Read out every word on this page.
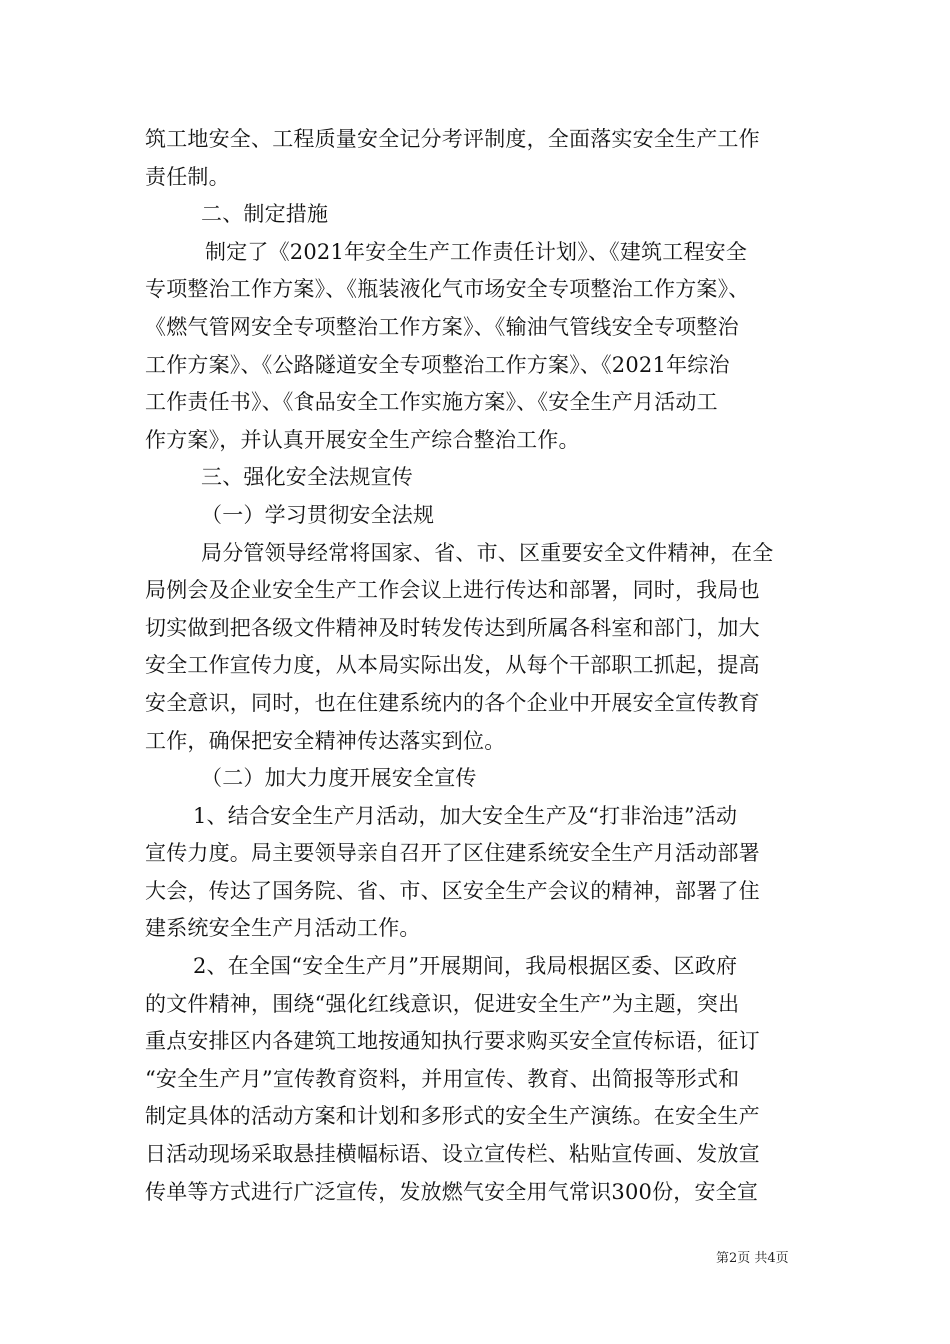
筑工地安全、工程质量安全记分考评制度，全面落实安全生产工作
责任制。
二、制定措施
制定了《2021年安全生产工作责任计划》、《建筑工程安全
专项整治工作方案》、《瓶装液化气市场安全专项整治工作方案》、
《燃气管网安全专项整治工作方案》、《输油气管线安全专项整治
工作方案》、《公路隧道安全专项整治工作方案》、《2021年综治
工作责任书》、《食品安全工作实施方案》、《安全生产月活动工
作方案》，并认真开展安全生产综合整治工作。
三、强化安全法规宣传
（一）学习贯彻安全法规
局分管领导经常将国家、省、市、区重要安全文件精神，在全
局例会及企业安全生产工作会议上进行传达和部署，同时，我局也
切实做到把各级文件精神及时转发传达到所属各科室和部门，加大
安全工作宣传力度，从本局实际出发，从每个干部职工抓起，提高
安全意识，同时，也在住建系统内的各个企业中开展安全宣传教育
工作，确保把安全精神传达落实到位。
（二）加大力度开展安全宣传
1、结合安全生产月活动，加大安全生产及“打非治违”活动
宣传力度。局主要领导亲自召开了区住建系统安全生产月活动部署
大会，传达了国务院、省、市、区安全生产会议的精神，部署了住
建系统安全生产月活动工作。
2、在全国“安全生产月”开展期间，我局根据区委、区政府
的文件精神，围绕“强化红线意识，促进安全生产”为主题，突出
重点安排区内各建筑工地按通知执行要求购买安全宣传标语，征订
“安全生产月”宣传教育资料，并用宣传、教育、出简报等形式和
制定具体的活动方案和计划和多形式的安全生产演练。在安全生产
日活动现场采取悬挂横幅标语、设立宣传栏、粘贴宣传画、发放宣
传单等方式进行广泛宣传，发放燃气安全用气常识300份，安全宣
第2页 共4页
